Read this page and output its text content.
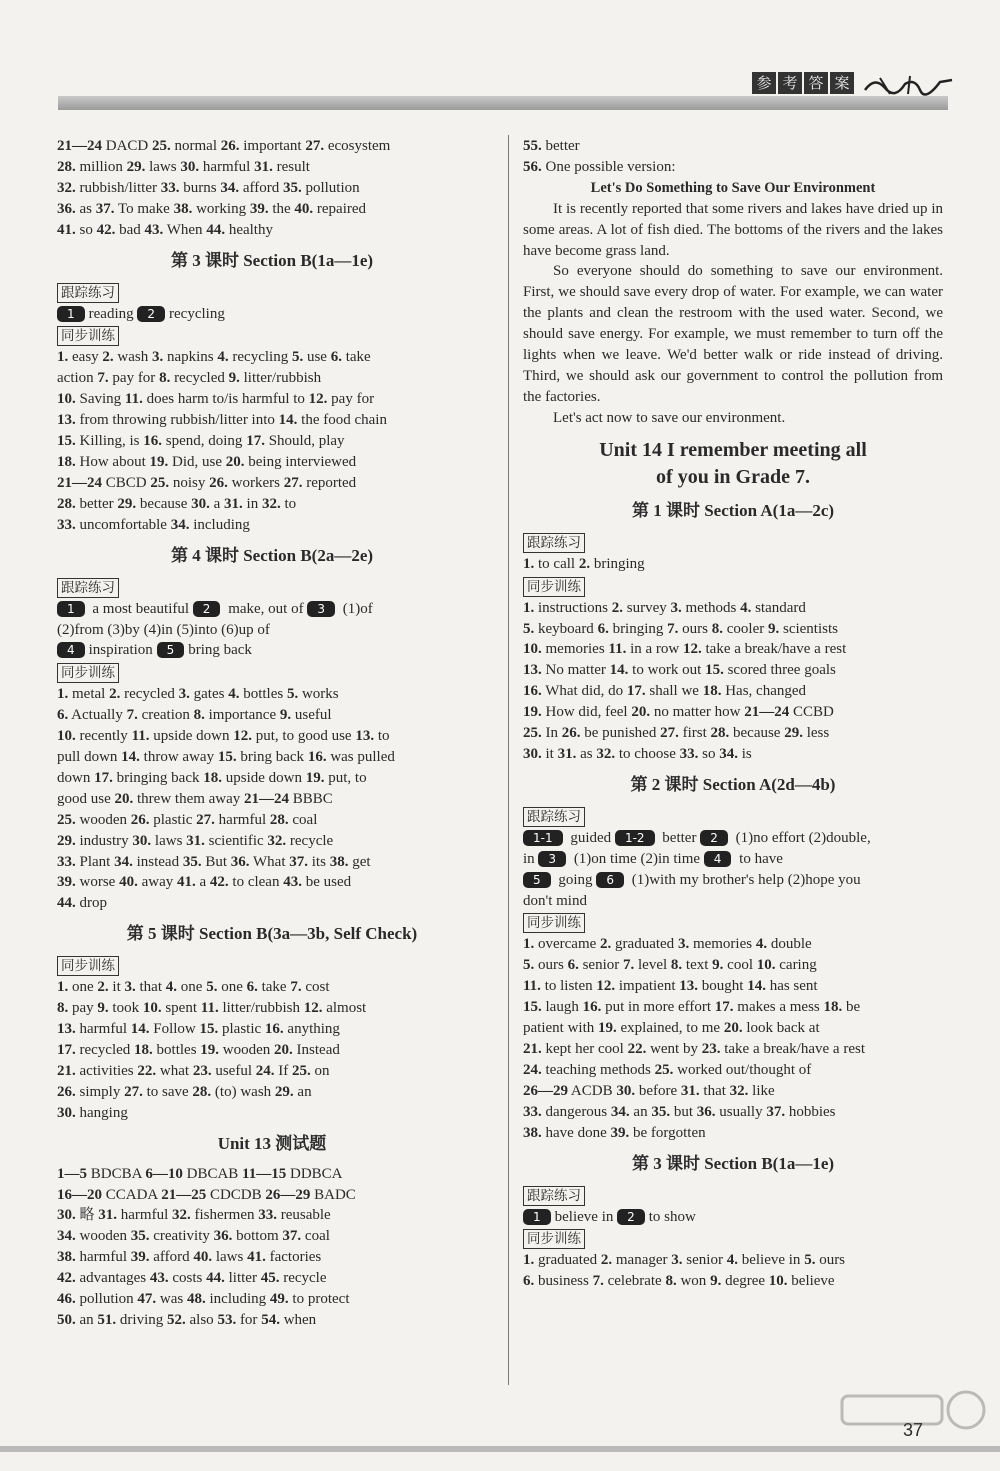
参 考 答 案
21—24 DACD 25. normal 26. important 27. ecosystem
28. million 29. laws 30. harmful 31. result
32. rubbish/litter 33. burns 34. afford 35. pollution
36. as 37. To make 38. working 39. the 40. repaired
41. so 42. bad 43. When 44. healthy
第 3 课时 Section B(1a—1e)
跟踪练习
1 reading 2 recycling
同步训练
1. easy 2. wash 3. napkins 4. recycling 5. use 6. take
action 7. pay for 8. recycled 9. litter/rubbish
10. Saving 11. does harm to/is harmful to 12. pay for
13. from throwing rubbish/litter into 14. the food chain
15. Killing, is 16. spend, doing 17. Should, play
18. How about 19. Did, use 20. being interviewed
21—24 CBCD 25. noisy 26. workers 27. reported
28. better 29. because 30. a 31. in 32. to
33. uncomfortable 34. including
第 4 课时 Section B(2a—2e)
跟踪练习
1 a most beautiful 2 make, out of 3 (1)of
(2)from (3)by (4)in (5)into (6)up of
4 inspiration 5 bring back
同步训练
1. metal 2. recycled 3. gates 4. bottles 5. works
6. Actually 7. creation 8. importance 9. useful
10. recently 11. upside down 12. put, to good use 13. to
pull down 14. throw away 15. bring back 16. was pulled
down 17. bringing back 18. upside down 19. put, to
good use 20. threw them away 21—24 BBBC
25. wooden 26. plastic 27. harmful 28. coal
29. industry 30. laws 31. scientific 32. recycle
33. Plant 34. instead 35. But 36. What 37. its 38. get
39. worse 40. away 41. a 42. to clean 43. be used
44. drop
第 5 课时 Section B(3a—3b, Self Check)
同步训练
1. one 2. it 3. that 4. one 5. one 6. take 7. cost
8. pay 9. took 10. spent 11. litter/rubbish 12. almost
13. harmful 14. Follow 15. plastic 16. anything
17. recycled 18. bottles 19. wooden 20. Instead
21. activities 22. what 23. useful 24. If 25. on
26. simply 27. to save 28. (to) wash 29. an
30. hanging
Unit 13 测试题
1—5 BDCBA 6—10 DBCAB 11—15 DDBCA
16—20 CCADA 21—25 CDCDB 26—29 BADC
30. 略 31. harmful 32. fishermen 33. reusable
34. wooden 35. creativity 36. bottom 37. coal
38. harmful 39. afford 40. laws 41. factories
42. advantages 43. costs 44. litter 45. recycle
46. pollution 47. was 48. including 49. to protect
50. an 51. driving 52. also 53. for 54. when
55. better
56. One possible version:
Let's Do Something to Save Our Environment

It is recently reported that some rivers and lakes have dried up in some areas. A lot of fish died. The bottoms of the rivers and the lakes have become grass land.

So everyone should do something to save our environment. First, we should save every drop of water. For example, we can water the plants and clean the restroom with the used water. Second, we should save energy. For example, we must remember to turn off the lights when we leave. We'd better walk or ride instead of driving. Third, we should ask our government to control the pollution from the factories.

Let's act now to save our environment.

Unit 14 I remember meeting all
of you in Grade 7.
第 1 课时 Section A(1a—2c)
跟踪练习
1. to call 2. bringing
同步训练
1. instructions 2. survey 3. methods 4. standard
5. keyboard 6. bringing 7. ours 8. cooler 9. scientists
10. memories 11. in a row 12. take a break/have a rest
13. No matter 14. to work out 15. scored three goals
16. What did, do 17. shall we 18. Has, changed
19. How did, feel 20. no matter how 21—24 CCBD
25. In 26. be punished 27. first 28. because 29. less
30. it 31. as 32. to choose 33. so 34. is
第 2 课时 Section A(2d—4b)
跟踪练习
1-1 guided 1-2 better 2 (1)no effort (2)double,
in 3 (1)on time (2)in time 4 to have
5 going 6 (1)with my brother's help (2)hope you
don't mind
同步训练
1. overcame 2. graduated 3. memories 4. double
5. ours 6. senior 7. level 8. text 9. cool 10. caring
11. to listen 12. impatient 13. bought 14. has sent
15. laugh 16. put in more effort 17. makes a mess 18. be
patient with 19. explained, to me 20. look back at
21. kept her cool 22. went by 23. take a break/have a rest
24. teaching methods 25. worked out/thought of
26—29 ACDB 30. before 31. that 32. like
33. dangerous 34. an 35. but 36. usually 37. hobbies
38. have done 39. be forgotten
第 3 课时 Section B(1a—1e)
跟踪练习
1 believe in 2 to show
同步训练
1. graduated 2. manager 3. senior 4. believe in 5. ours
6. business 7. celebrate 8. won 9. degree 10. believe
37
